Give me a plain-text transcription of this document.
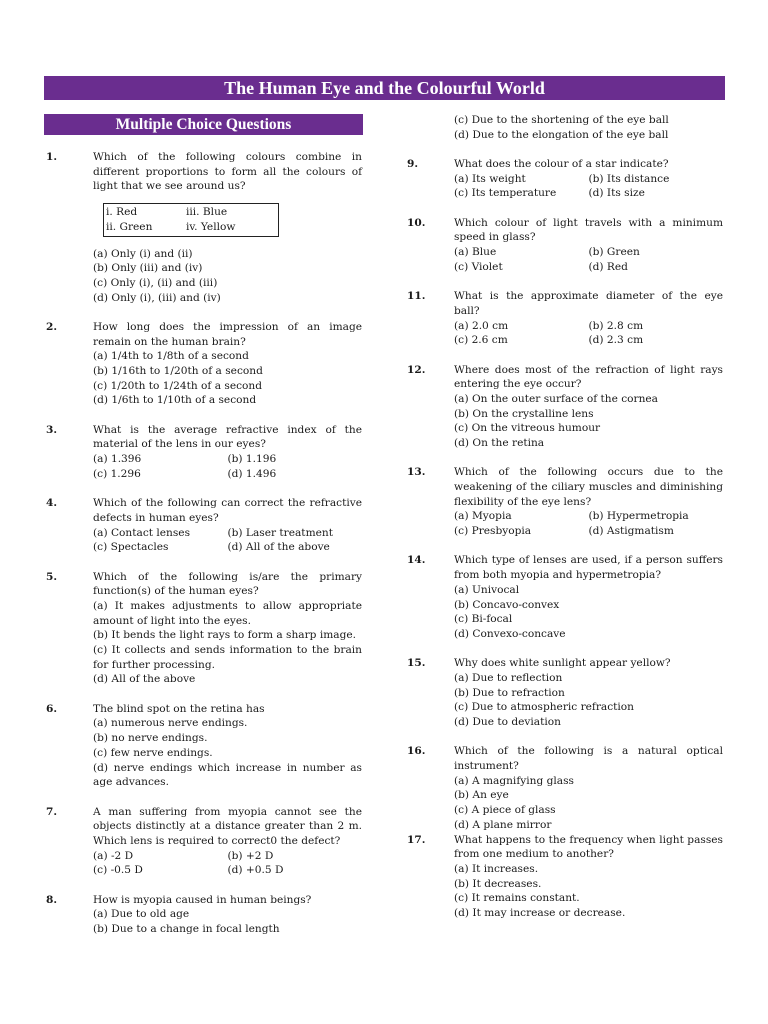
The Human Eye and the Colourful World
Multiple Choice Questions
1.	Which of the following colours combine in different proportions to form all the colours of light that we see around us?
i. Red	iii. Blue
ii. Green	iv. Yellow
(a) Only (i) and (ii)
(b) Only (iii) and (iv)
(c) Only (i), (ii) and (iii)
(d) Only (i), (iii) and (iv)
2.	How long does the impression of an image remain on the human brain?
(a) 1/4th to 1/8th of a second
(b) 1/16th to 1/20th of a second
(c) 1/20th to 1/24th of a second
(d) 1/6th to 1/10th of a second
3.	What is the average refractive index of the material of the lens in our eyes?
(a) 1.396	(b) 1.196
(c) 1.296	(d) 1.496
4.	Which of the following can correct the refractive defects in human eyes?
(a) Contact lenses	(b) Laser treatment
(c) Spectacles	(d) All of the above
5.	Which of the following is/are the primary function(s) of the human eyes?
(a) It makes adjustments to allow appropriate amount of light into the eyes.
(b) It bends the light rays to form a sharp image.
(c) It collects and sends information to the brain for further processing.
(d) All of the above
6.	The blind spot on the retina has
(a) numerous nerve endings.
(b) no nerve endings.
(c) few nerve endings.
(d) nerve endings which increase in number as age advances.
7.	A man suffering from myopia cannot see the objects distinctly at a distance greater than 2 m. Which lens is required to correct0 the defect?
(a) -2 D	(b) +2 D
(c) -0.5 D	(d) +0.5 D
8.	How is myopia caused in human beings?
(a) Due to old age
(b) Due to a change in focal length
(c) Due to the shortening of the eye ball
(d) Due to the elongation of the eye ball
9.	What does the colour of a star indicate?
(a) Its weight	(b) Its distance
(c) Its temperature	(d) Its size
10.	Which colour of light travels with a minimum speed in glass?
(a) Blue	(b) Green
(c) Violet	(d) Red
11.	What is the approximate diameter of the eye ball?
(a) 2.0 cm	(b) 2.8 cm
(c) 2.6 cm	(d) 2.3 cm
12.	Where does most of the refraction of light rays entering the eye occur?
(a) On the outer surface of the cornea
(b) On the crystalline lens
(c) On the vitreous humour
(d) On the retina
13.	Which of the following occurs due to the weakening of the ciliary muscles and diminishing flexibility of the eye lens?
(a) Myopia	(b) Hypermetropia
(c) Presbyopia	(d) Astigmatism
14.	Which type of lenses are used, if a person suffers from both myopia and hypermetropia?
(a) Univocal
(b) Concavo-convex
(c) Bi-focal
(d) Convexo-concave
15.	Why does white sunlight appear yellow?
(a) Due to reflection
(b) Due to refraction
(c) Due to atmospheric refraction
(d) Due to deviation
16.	Which of the following is a natural optical instrument?
(a) A magnifying glass
(b) An eye
(c) A piece of glass
(d) A plane mirror
17.	What happens to the frequency when light passes from one medium to another?
(a) It increases.
(b) It decreases.
(c) It remains constant.
(d) It may increase or decrease.
